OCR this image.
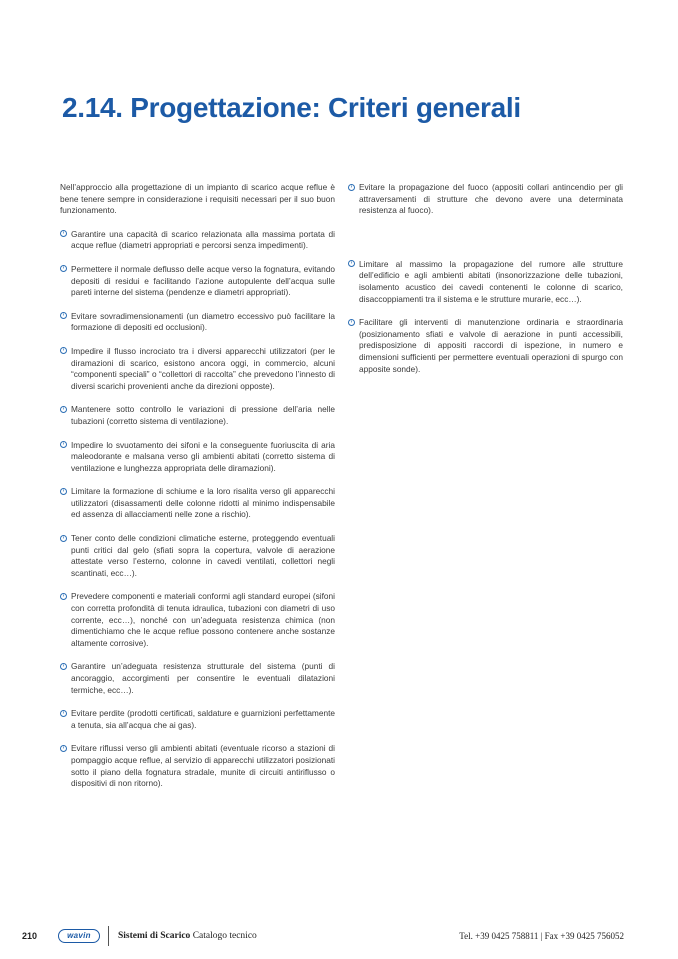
2.14. Progettazione: Criteri generali

Nell’approccio alla progettazione di un impianto di scarico acque reflue è bene tenere sempre in considerazione i requisiti necessari per il suo buon funzionamento.

›
Garantire una capacità di scarico relazionata alla massima portata di acque reflue (diametri appropriati e percorsi senza impedimenti).
›
Permettere il normale deflusso delle acque verso la fognatura, evitando depositi di residui e facilitando l’azione autopulente dell’acqua sulle pareti interne del sistema (pendenze e diametri appropriati).
›
Evitare sovradimensionamenti (un diametro eccessivo può facilitare la formazione di depositi ed occlusioni).
›
Impedire il flusso incrociato tra i diversi apparecchi utilizzatori (per le diramazioni di scarico, esistono ancora oggi, in commercio, alcuni “componenti speciali” o “collettori di raccolta” che prevedono l’innesto di diversi scarichi provenienti anche da direzioni opposte).
›
Mantenere sotto controllo le variazioni di pressione dell’aria nelle tubazioni (corretto sistema di ventilazione).
›
Impedire lo svuotamento dei sifoni e la conseguente fuoriuscita di aria maleodorante e malsana verso gli ambienti abitati (corretto sistema di ventilazione e lunghezza appropriata delle diramazioni).
›
Limitare la formazione di schiume e la loro risalita verso gli apparecchi utilizzatori (disassamenti delle colonne ridotti al minimo indispensabile ed assenza di allacciamenti nelle zone a rischio).
›
Tener conto delle condizioni climatiche esterne, proteggendo eventuali punti critici dal gelo (sfiati sopra la copertura, valvole di aerazione attestate verso l’esterno, colonne in cavedi ventilati, collettori negli scantinati, ecc…).
›
Prevedere componenti e materiali conformi agli standard europei (sifoni con corretta profondità di tenuta idraulica, tubazioni con diametri di uso corrente, ecc…), nonché con un’adeguata resistenza chimica (non dimentichiamo che le acque reflue possono contenere anche sostanze altamente corrosive).
›
Garantire un’adeguata resistenza strutturale del sistema (punti di ancoraggio, accorgimenti per consentire le eventuali dilatazioni termiche, ecc…).
›
Evitare perdite (prodotti certificati, saldature e guarnizioni perfettamente a tenuta, sia all’acqua che ai gas).
›
Evitare riflussi verso gli ambienti abitati (eventuale ricorso a stazioni di pompaggio acque reflue, al servizio di apparecchi utilizzatori posizionati sotto il piano della fognatura stradale, munite di circuiti antiriflusso o dispositivi di non ritorno).
›
Evitare la propagazione del fuoco (appositi collari antincendio per gli attraversamenti di strutture che devono avere una determinata resistenza al fuoco).
›
Limitare al massimo la propagazione del rumore alle strutture dell’edificio e agli ambienti abitati (insonorizzazione delle tubazioni, isolamento acustico dei cavedi contenenti le colonne di scarico, disaccoppiamenti tra il sistema e le strutture murarie, ecc…).
›
Facilitare gli interventi di manutenzione ordinaria e straordinaria (posizionamento sfiati e valvole di aerazione in punti accessibili, predisposizione di appositi raccordi di ispezione, in numero e dimensioni sufficienti per permettere eventuali operazioni di spurgo con apposite sonde).
210	wavin	Sistemi di Scarico Catalogo tecnico	Tel. +39 0425 758811 | Fax +39 0425 756052
